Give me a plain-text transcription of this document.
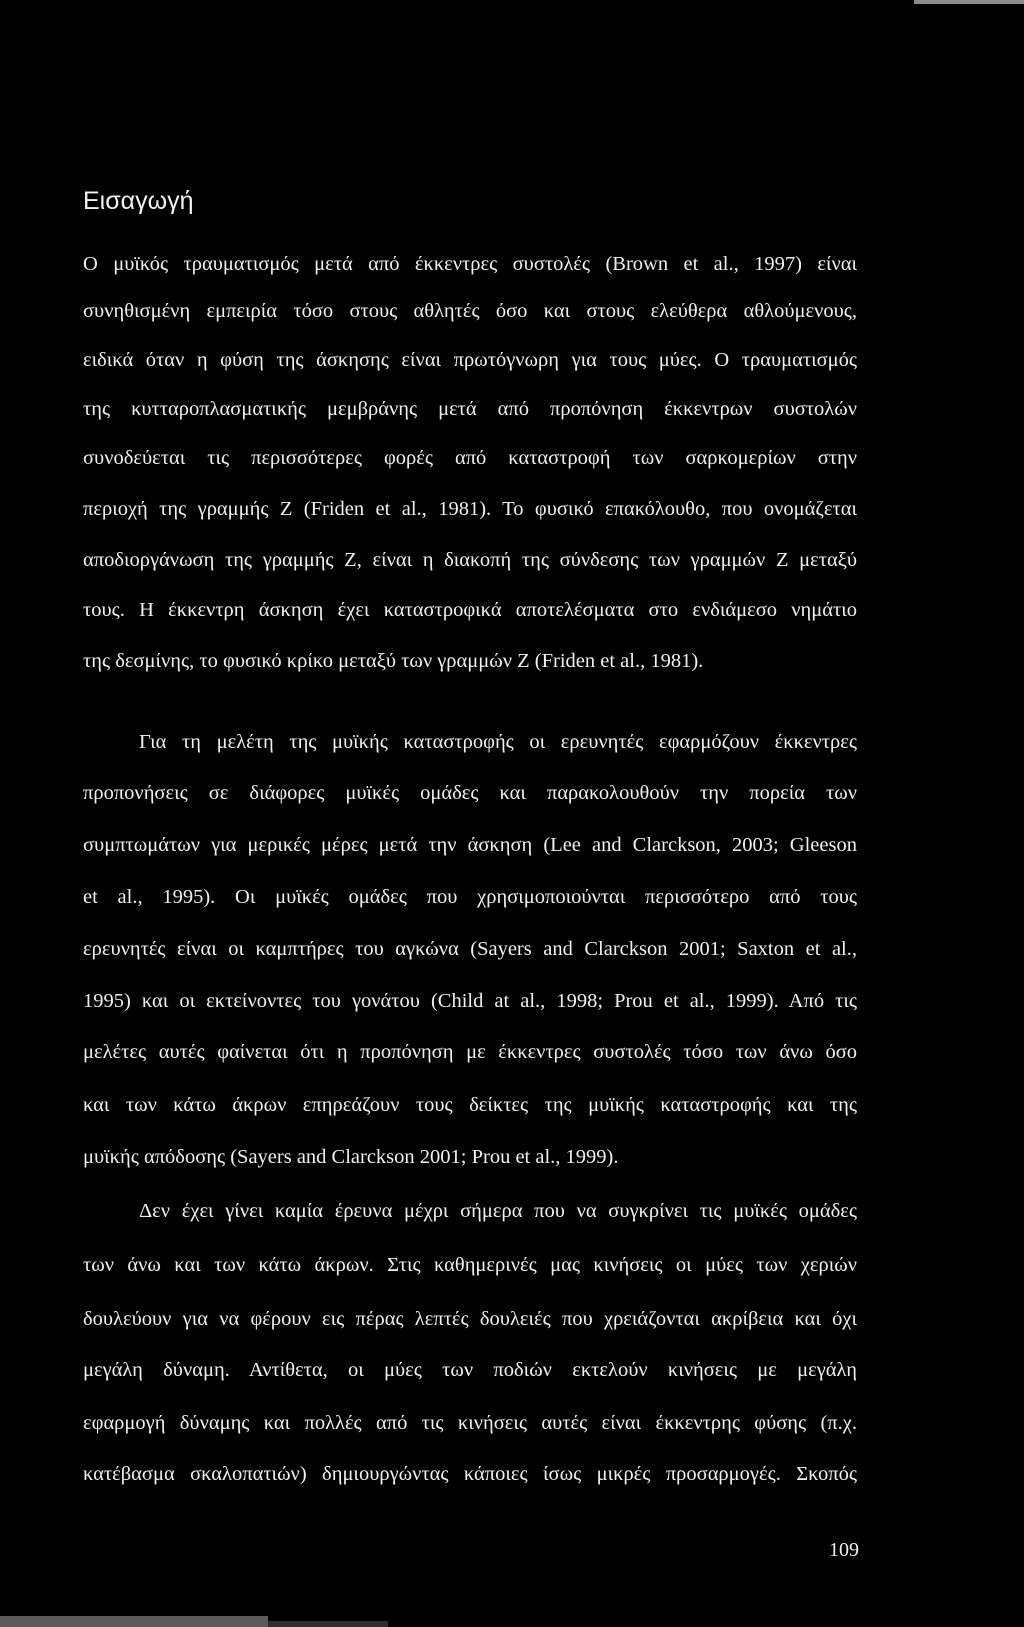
Εισαγωγή
Ο μυϊκός τραυματισμός μετά από έκκεντρες συστολές (Brown et al., 1997) είναι
συνηθισμένη εμπειρία τόσο στους αθλητές όσο και στους ελεύθερα αθλούμενους,
ειδικά όταν η φύση της άσκησης είναι πρωτόγνωρη για τους μύες. Ο τραυματισμός
της κυτταροπλασματικής μεμβράνης μετά από προπόνηση έκκεντρων συστολών
συνοδεύεται τις περισσότερες φορές από καταστροφή των σαρκομερίων στην
περιοχή της γραμμής Ζ (Friden et al., 1981). Το φυσικό επακόλουθο, που ονομάζεται
αποδιοργάνωση της γραμμής Ζ, είναι η διακοπή της σύνδεσης των γραμμών Ζ μεταξύ
τους. Η έκκεντρη άσκηση έχει καταστροφικά αποτελέσματα στο ενδιάμεσο νημάτιο
της δεσμίνης, το φυσικό κρίκο μεταξύ των γραμμών Ζ (Friden et al., 1981).
Για τη μελέτη της μυϊκής καταστροφής οι ερευνητές εφαρμόζουν έκκεντρες
προπονήσεις σε διάφορες μυϊκές ομάδες και παρακολουθούν την πορεία των
συμπτωμάτων για μερικές μέρες μετά την άσκηση (Lee and Clarckson, 2003; Gleeson
et al., 1995). Οι μυϊκές ομάδες που χρησιμοποιούνται περισσότερο από τους
ερευνητές είναι οι καμπτήρες του αγκώνα (Sayers and Clarckson 2001; Saxton et al.,
1995) και οι εκτείνοντες του γονάτου (Child at al., 1998; Prou et al., 1999). Από τις
μελέτες αυτές φαίνεται ότι η προπόνηση με έκκεντρες συστολές τόσο των άνω όσο
και των κάτω άκρων επηρεάζουν τους δείκτες της μυϊκής καταστροφής και της
μυϊκής απόδοσης (Sayers and Clarckson 2001; Prou et al., 1999).
Δεν έχει γίνει καμία έρευνα μέχρι σήμερα που να συγκρίνει τις μυϊκές ομάδες
των άνω και των κάτω άκρων. Στις καθημερινές μας κινήσεις οι μύες των χεριών
δουλεύουν για να φέρουν εις πέρας λεπτές δουλειές που χρειάζονται ακρίβεια και όχι
μεγάλη δύναμη. Αντίθετα, οι μύες των ποδιών εκτελούν κινήσεις με μεγάλη
εφαρμογή δύναμης και πολλές από τις κινήσεις αυτές είναι έκκεντρης φύσης (π.χ.
κατέβασμα σκαλοπατιών) δημιουργώντας κάποιες ίσως μικρές προσαρμογές. Σκοπός
109
